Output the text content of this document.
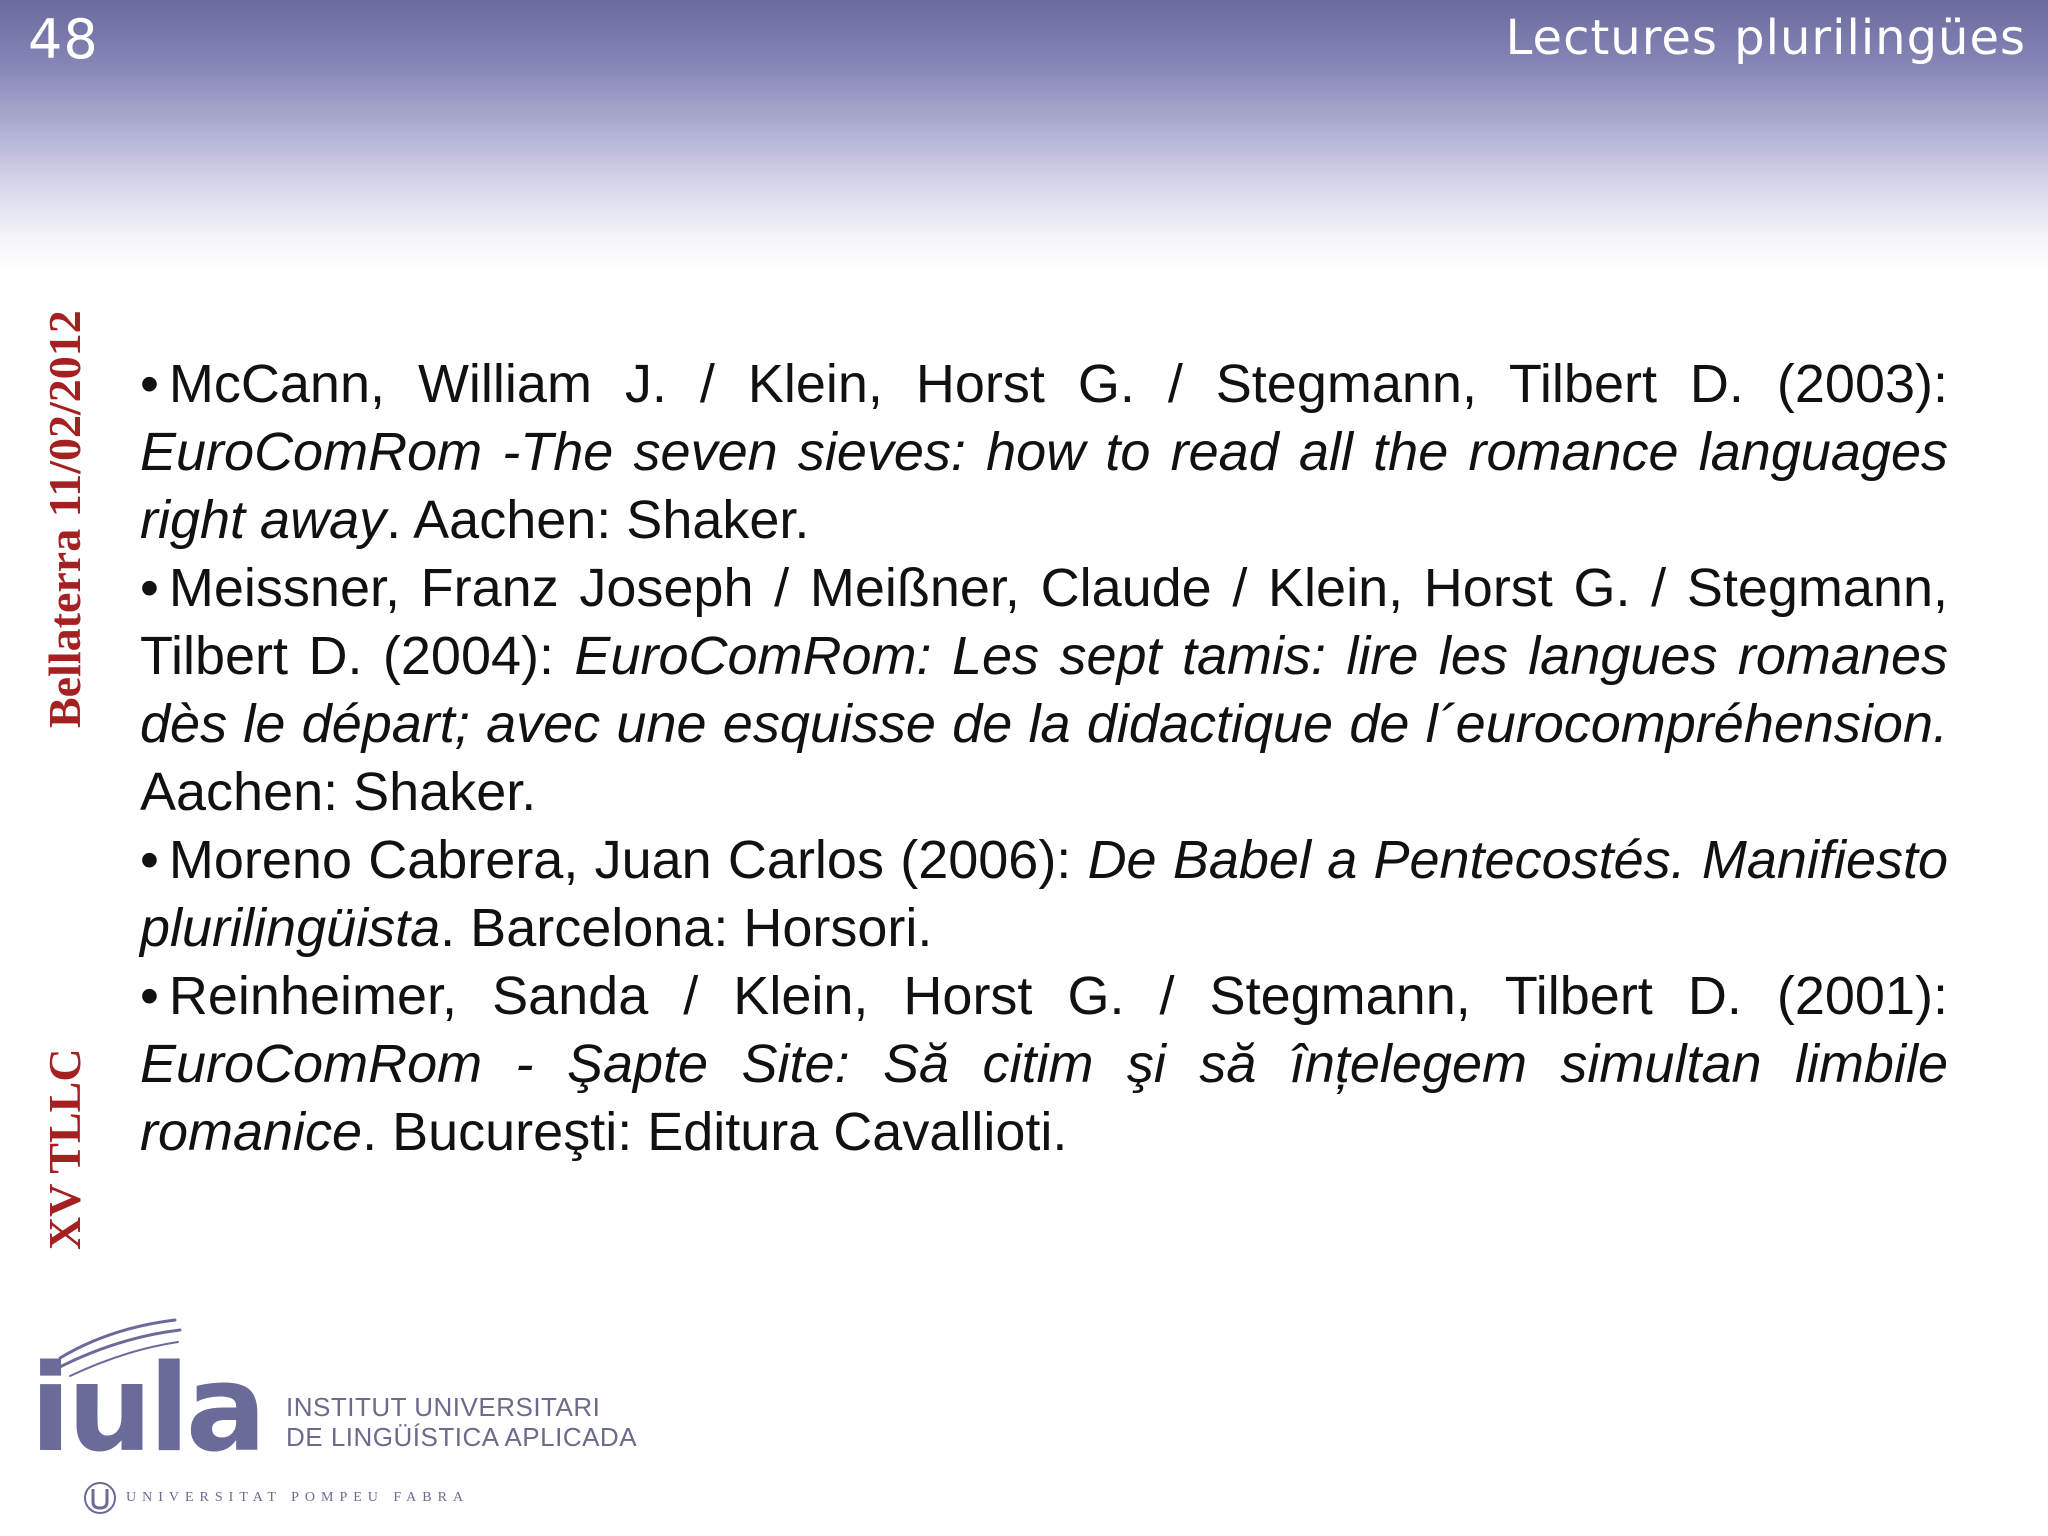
48	Lectures plurilingües
Bellaterra 11/02/2012
XV TLLC

• McCann, William J. / Klein, Horst G. / Stegmann, Tilbert D. (2003): EuroComRom -The seven sieves: how to read all the romance languages right away. Aachen: Shaker.

• Meissner, Franz Joseph / Meißner, Claude / Klein, Horst G. / Stegmann, Tilbert D. (2004): EuroComRom: Les sept tamis: lire les langues romanes dès le départ; avec une esquisse de la didactique de l´eurocompréhension. Aachen: Shaker.

• Moreno Cabrera, Juan Carlos (2006): De Babel a Pentecostés. Manifiesto plurilingüista. Barcelona: Horsori.

• Reinheimer, Sanda / Klein, Horst G. / Stegmann, Tilbert D. (2001): EuroComRom - Şapte Site: Să citim şi să înțelegem simultan limbile romanice. Bucureşti: Editura Cavallioti.

iula INSTITUT UNIVERSITARI
DE LINGÜÍSTICA APLICADA
UNIVERSITAT POMPEU FABRA
